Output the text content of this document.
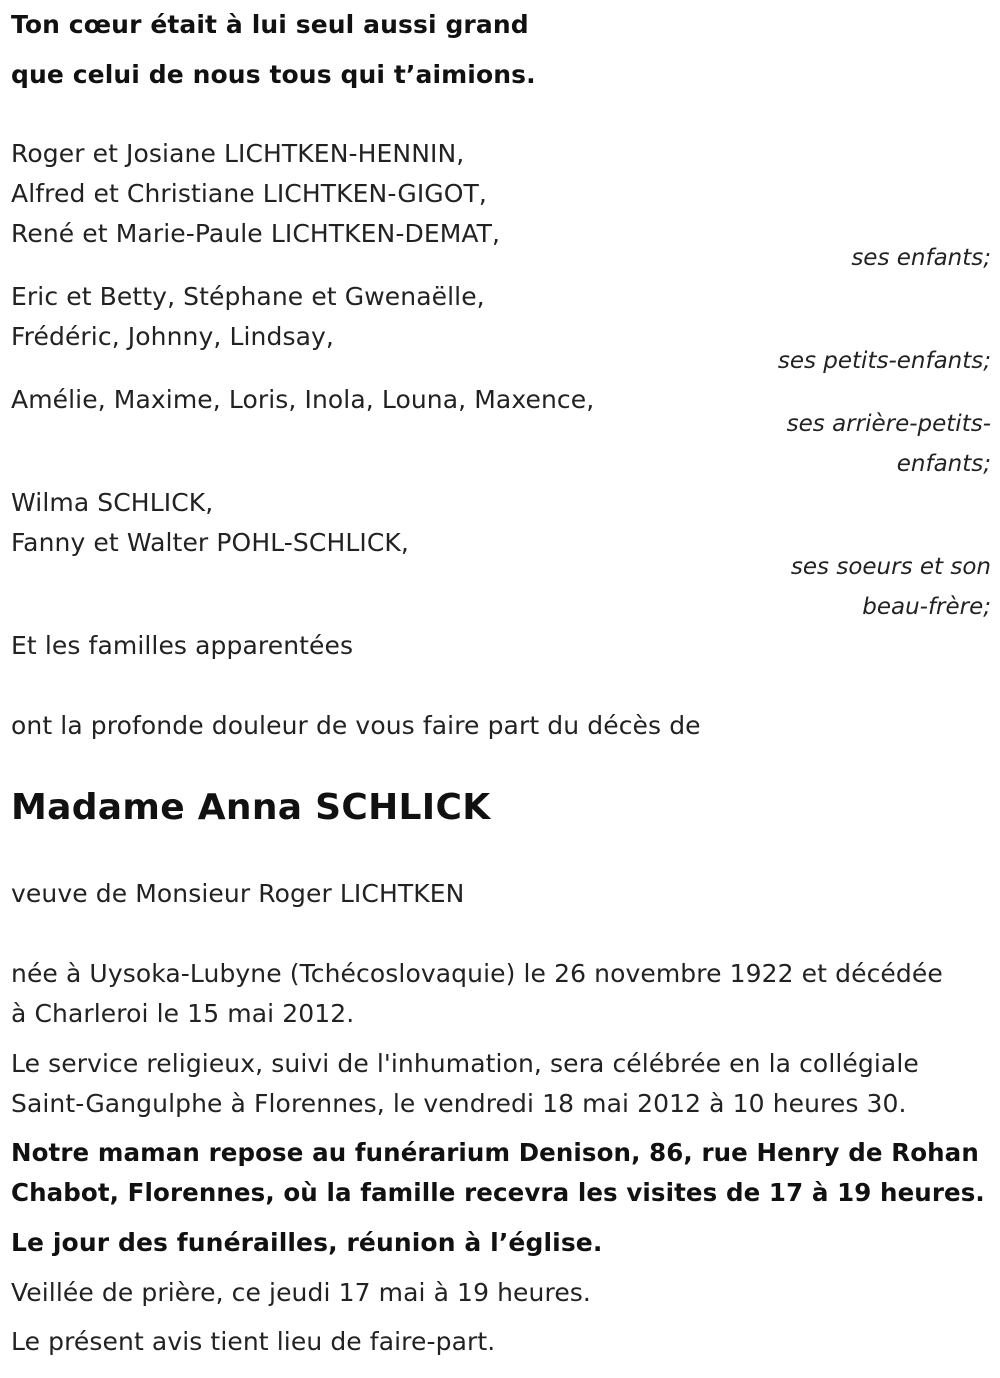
Ton cœur était à lui seul aussi grand
que celui de nous tous qui t’aimions.
Roger et Josiane LICHTKEN-HENNIN,
Alfred et Christiane LICHTKEN-GIGOT,
René et Marie-Paule LICHTKEN-DEMAT,
ses enfants;
Eric et Betty, Stéphane et Gwenaëlle,
Frédéric, Johnny, Lindsay,
ses petits-enfants;
Amélie, Maxime, Loris, Inola, Louna, Maxence,
ses arrière-petits-
enfants;
Wilma SCHLICK,
Fanny et Walter POHL-SCHLICK,
ses soeurs et son
beau-frère;
Et les familles apparentées
ont la profonde douleur de vous faire part du décès de
Madame Anna SCHLICK
veuve de Monsieur Roger LICHTKEN
née à Uysoka-Lubyne (Tchécoslovaquie) le 26 novembre 1922 et décédée
à Charleroi le 15 mai 2012.
Le service religieux, suivi de l'inhumation, sera célébrée en la collégiale
Saint-Gangulphe à Florennes, le vendredi 18 mai 2012 à 10 heures 30.
Notre maman repose au funérarium Denison, 86, rue Henry de Rohan
Chabot, Florennes, où la famille recevra les visites de 17 à 19 heures.
Le jour des funérailles, réunion à l’église.
Veillée de prière, ce jeudi 17 mai à 19 heures.
Le présent avis tient lieu de faire-part.
